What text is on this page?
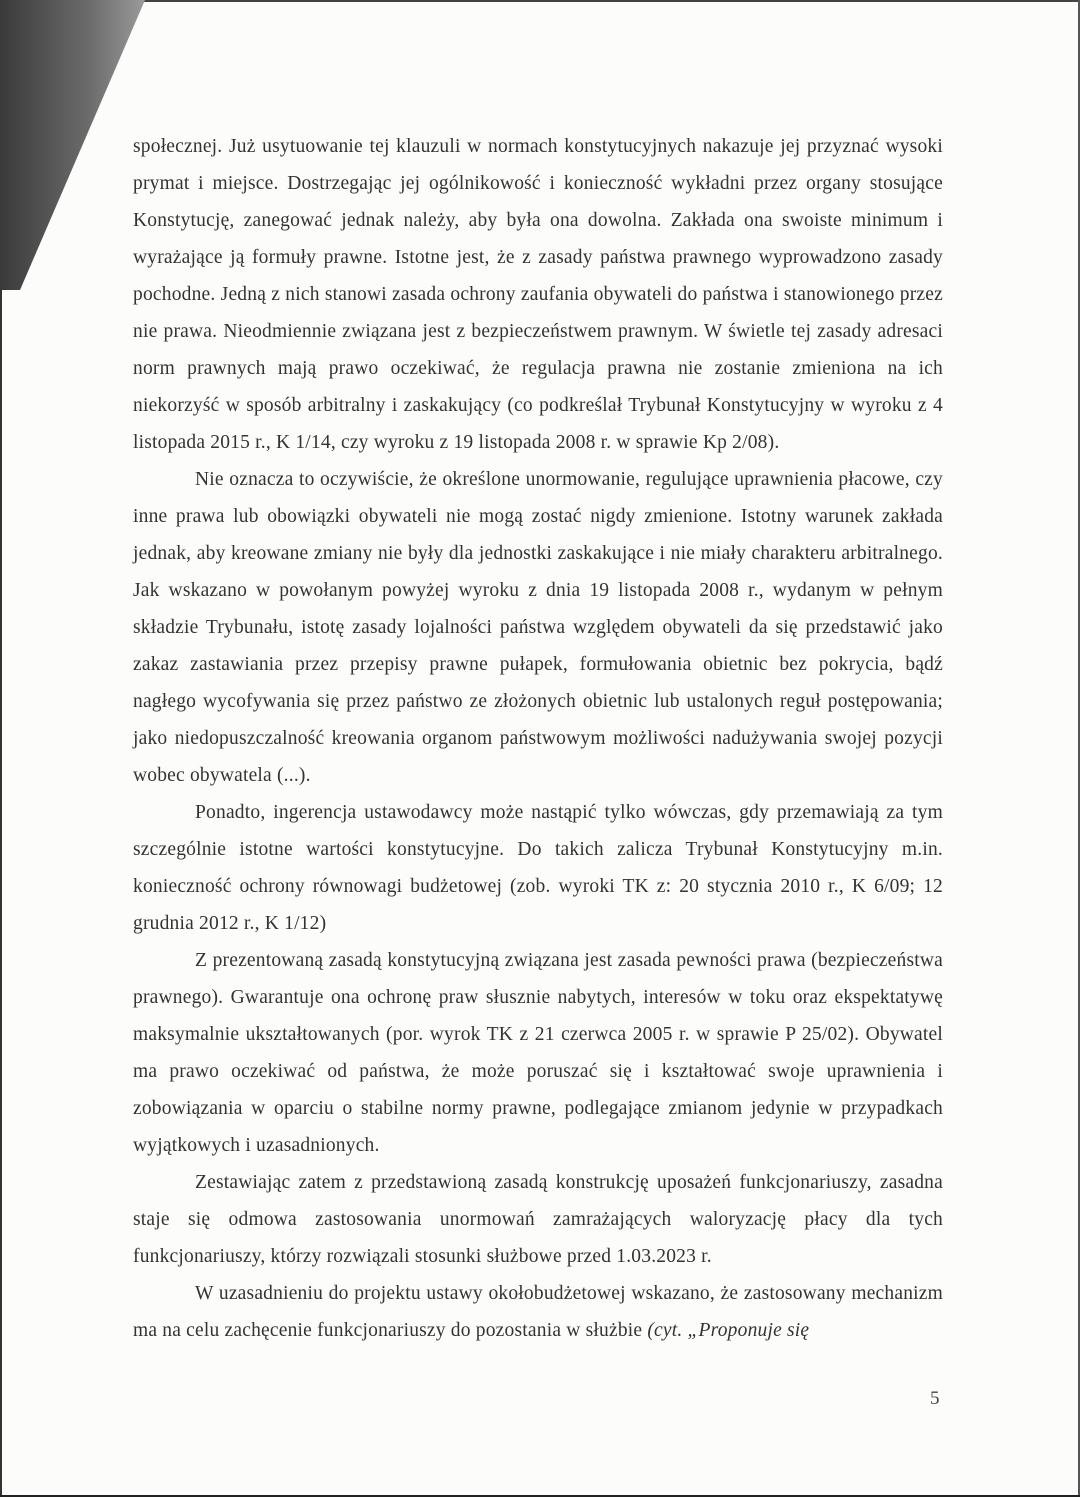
społecznej. Już usytuowanie tej klauzuli w normach konstytucyjnych nakazuje jej przyznać wysoki prymat i miejsce. Dostrzegając jej ogólnikowość i konieczność wykładni przez organy stosujące Konstytucję, zanegować jednak należy, aby była ona dowolna. Zakłada ona swoiste minimum i wyrażające ją formuły prawne. Istotne jest, że z zasady państwa prawnego wyprowadzono zasady pochodne. Jedną z nich stanowi zasada ochrony zaufania obywateli do państwa i stanowionego przez nie prawa. Nieodmiennie związana jest z bezpieczeństwem prawnym. W świetle tej zasady adresaci norm prawnych mają prawo oczekiwać, że regulacja prawna nie zostanie zmieniona na ich niekorzyść w sposób arbitralny i zaskakujący (co podkreślał Trybunał Konstytucyjny w wyroku z 4 listopada 2015 r., K 1/14, czy wyroku z 19 listopada 2008 r. w sprawie Kp 2/08).

Nie oznacza to oczywiście, że określone unormowanie, regulujące uprawnienia płacowe, czy inne prawa lub obowiązki obywateli nie mogą zostać nigdy zmienione. Istotny warunek zakłada jednak, aby kreowane zmiany nie były dla jednostki zaskakujące i nie miały charakteru arbitralnego. Jak wskazano w powołanym powyżej wyroku z dnia 19 listopada 2008 r., wydanym w pełnym składzie Trybunału, istotę zasady lojalności państwa względem obywateli da się przedstawić jako zakaz zastawiania przez przepisy prawne pułapek, formułowania obietnic bez pokrycia, bądź nagłego wycofywania się przez państwo ze złożonych obietnic lub ustalonych reguł postępowania; jako niedopuszczalność kreowania organom państwowym możliwości nadużywania swojej pozycji wobec obywatela (...).

Ponadto, ingerencja ustawodawcy może nastąpić tylko wówczas, gdy przemawiają za tym szczególnie istotne wartości konstytucyjne. Do takich zalicza Trybunał Konstytucyjny m.in. konieczność ochrony równowagi budżetowej (zob. wyroki TK z: 20 stycznia 2010 r., K 6/09; 12 grudnia 2012 r., K 1/12)

Z prezentowaną zasadą konstytucyjną związana jest zasada pewności prawa (bezpieczeństwa prawnego). Gwarantuje ona ochronę praw słusznie nabytych, interesów w toku oraz ekspektatywę maksymalnie ukształtowanych (por. wyrok TK z 21 czerwca 2005 r. w sprawie P 25/02). Obywatel ma prawo oczekiwać od państwa, że może poruszać się i kształtować swoje uprawnienia i zobowiązania w oparciu o stabilne normy prawne, podlegające zmianom jedynie w przypadkach wyjątkowych i uzasadnionych.

Zestawiając zatem z przedstawioną zasadą konstrukcję uposażeń funkcjonariuszy, zasadna staje się odmowa zastosowania unormowań zamrażających waloryzację płacy dla tych funkcjonariuszy, którzy rozwiązali stosunki służbowe przed 1.03.2023 r.

W uzasadnieniu do projektu ustawy okołobudżetowej wskazano, że zastosowany mechanizm ma na celu zachęcenie funkcjonariuszy do pozostania w służbie (cyt. „Proponuje się

5
